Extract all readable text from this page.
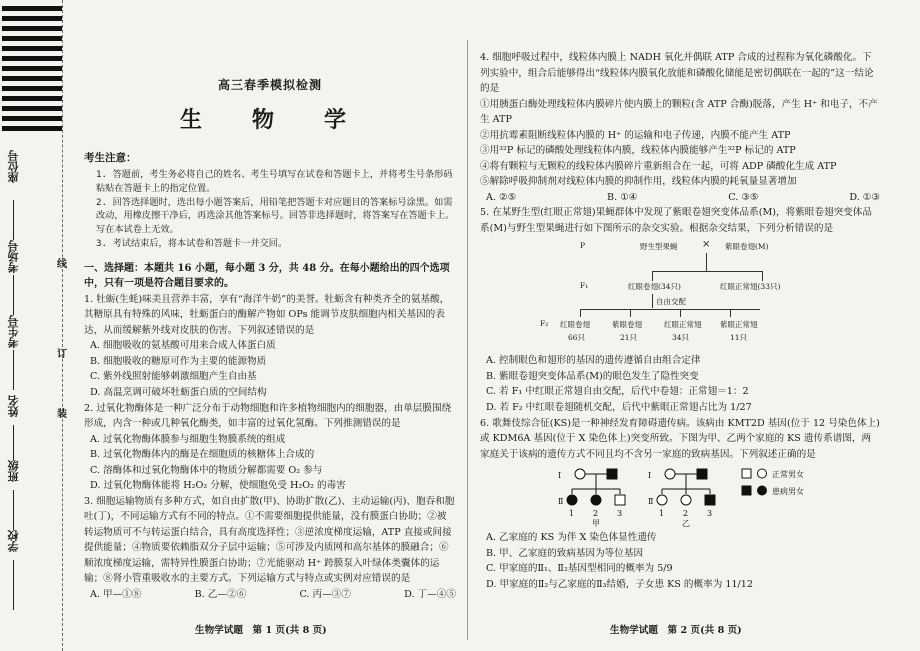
座位号
考场号
考生号
姓名
班级
学校
线
订
装
高三春季模拟检测
生　物　学
考生注意：
1. 答题前，考生务必将自己的姓名、考生号填写在试卷和答题卡上，并将考生号条形码粘贴在答题卡上的指定位置。
2. 回答选择题时，选出每小题答案后，用铅笔把答题卡对应题目的答案标号涂黑。如需改动，用橡皮擦干净后，再选涂其他答案标号。回答非选择题时，将答案写在答题卡上。写在本试卷上无效。
3. 考试结束后，将本试卷和答题卡一并交回。
一、选择题：本题共 16 小题，每小题 3 分，共 48 分。在每小题给出的四个选项中，只有一项是符合题目要求的。

1. 牡蛎(生蚝)味美且营养丰富，享有“海洋牛奶”的美誉。牡蛎含有种类齐全的氨基酸，其糖原具有特殊的风味，牡蛎蛋白的酶解产物如 OPs 能调节皮肤细胞内相关基因的表达，从而缓解紫外线对皮肤的伤害。下列叙述错误的是

A. 细胞吸收的氨基酸可用来合成人体蛋白质
B. 细胞吸收的糖原可作为主要的能源物质
C. 紫外线照射能够刺激细胞产生自由基
D. 高温烹调可破坏牡蛎蛋白质的空间结构

2. 过氧化物酶体是一种广泛分布于动物细胞和许多植物细胞内的细胞器，由单层膜围绕形成，内含一种或几种氧化酶类，如丰富的过氧化氢酶。下列推测错误的是

A. 过氧化物酶体膜参与细胞生物膜系统的组成
B. 过氧化物酶体内的酶是在细胞质的核糖体上合成的
C. 溶酶体和过氧化物酶体中的物质分解都需要 O₂ 参与
D. 过氧化物酶体能将 H₂O₂ 分解，使细胞免受 H₂O₂ 的毒害

3. 细胞运输物质有多种方式，如自由扩散(甲)、协助扩散(乙)、主动运输(丙)、胞吞和胞吐(丁)，不同运输方式有不同的特点。①不需要细胞提供能量，没有膜蛋白协助；②被转运物质可不与转运蛋白结合，具有高度选择性；③逆浓度梯度运输，ATP 直接或间接提供能量；④物质要依赖脂双分子层中运输；⑤可涉及内质网和高尔基体的膜融合；⑥顺浓度梯度运输，需特异性膜蛋白协助；⑦光能驱动 H⁺ 跨膜泵入叶绿体类囊体的运输；⑧肾小管重吸收水的主要方式。下列运输方式与特点或实例对应错误的是

A. 甲—①⑧	B. 乙—②⑥	C. 丙—③⑦	D. 丁—④⑤

4. 细胞呼吸过程中，线粒体内膜上 NADH 氧化并偶联 ATP 合成的过程称为氧化磷酸化。下列实验中，组合后能够得出“线粒体内膜氧化放能和磷酸化储能是密切偶联在一起的”这一结论的是

①用胰蛋白酶处理线粒体内膜碎片使内膜上的颗粒(含 ATP 合酶)脱落，产生 H⁺ 和电子，不产生 ATP
②用抗霉素阻断线粒体内膜的 H⁺ 的运输和电子传递，内膜不能产生 ATP
③用³²P 标记的磷酸处理线粒体内膜，线粒体内膜能够产生³²P 标记的 ATP
④将有颗粒与无颗粒的线粒体内膜碎片重新组合在一起，可将 ADP 磷酸化生成 ATP
⑤解除呼吸抑制剂对线粒体内膜的抑制作用，线粒体内膜的耗氧量显著增加
A. ②⑤	B. ①④	C. ③⑤	D. ①③

5. 在某野生型(红眼正常翅)果蝇群体中发现了紫眼卷翅突变体品系(M)，将紫眼卷翅突变体品系(M)与野生型果蝇进行如下图所示的杂交实验。根据杂交结果，下列分析错误的是

P	野生型果蝇 × 紫眼卷翅(M)
F₁	红眼卷翅(34只)	红眼正常翅(33只)
自由交配
F₂ 红眼卷翅	紫眼卷翅	红眼正常翅 紫眼正常翅
66只	21只	34只	11只
A. 控制眼色和翅形的基因的遗传遵循自由组合定律
B. 紫眼卷翅突变体品系(M)的眼色发生了隐性突变
C. 若 F₁ 中红眼正常翅自由交配，后代中卷翅：正常翅＝1：2
D. 若 F₂ 中红眼卷翅随机交配，后代中紫眼正常翅占比为 1/27

6. 歌舞伎综合征(KS)是一种神经发育障碍遗传病。该病由 KMT2D 基因(位于 12 号染色体上)或 KDM6A 基因(位于 X 染色体上)突变所致。下图为甲、乙两个家庭的 KS 遗传系谱图，两家庭关于该病的遗传方式不同且均不含另一家庭的致病基因。下列叙述正确的是

Ⅰ
Ⅱ
1 2 3
甲
Ⅰ
Ⅱ
1 2 3
乙
正常男女
患病男女
A. 乙家庭的 KS 为伴 X 染色体显性遗传
B. 甲、乙家庭的致病基因为等位基因
C. 甲家庭的Ⅱ₁、Ⅱ₂基因型相同的概率为 5/9
D. 甲家庭的Ⅱ₂与乙家庭的Ⅱ₃结婚，子女患 KS 的概率为 11/12
生物学试题　第 1 页(共 8 页)	生物学试题　第 2 页(共 8 页)
